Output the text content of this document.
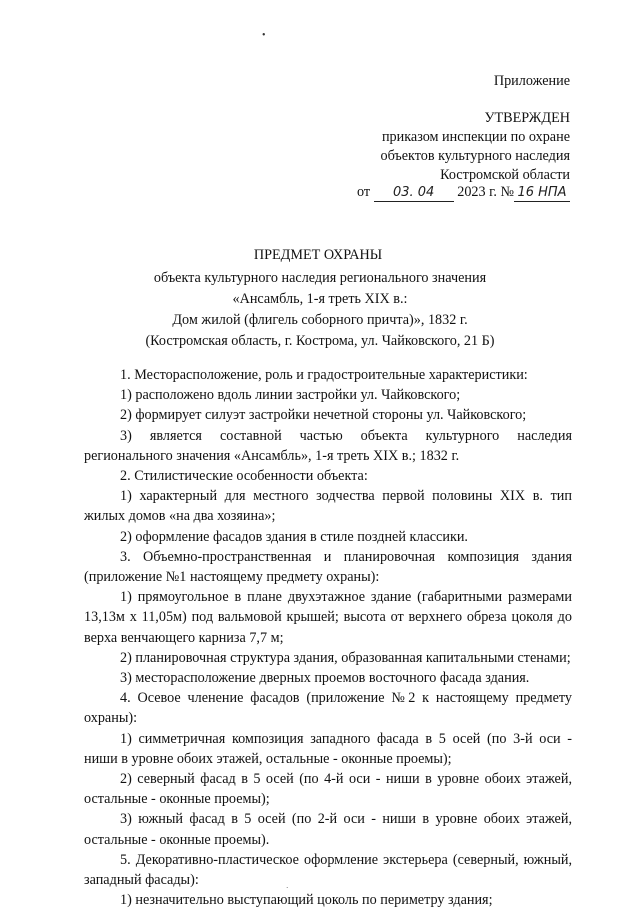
•
Приложение
УТВЕРЖДЕН
приказом инспекции по охране
объектов культурного наследия
Костромской области
от 03. 04 2023 г. № 16 НПА
ПРЕДМЕТ ОХРАНЫ
объекта культурного наследия регионального значения
«Ансамбль, 1-я треть XIX в.:
Дом жилой (флигель соборного причта)», 1832 г.
(Костромская область, г. Кострома, ул. Чайковского, 21 Б)

1. Месторасположение, роль и градостроительные характеристики:

1) расположено вдоль линии застройки ул. Чайковского;

2) формирует силуэт застройки нечетной стороны ул. Чайковского;

3) является составной частью объекта культурного наследия регионального значения «Ансамбль», 1-я треть XIX в.; 1832 г.

2. Стилистические особенности объекта:

1) характерный для местного зодчества первой половины XIX в. тип жилых домов «на два хозяина»;

2) оформление фасадов здания в стиле поздней классики.

3. Объемно-пространственная и планировочная композиция здания (приложение №1 настоящему предмету охраны):

1) прямоугольное в плане двухэтажное здание (габаритными размерами 13,13м х 11,05м) под вальмовой крышей; высота от верхнего обреза цоколя до верха венчающего карниза 7,7 м;

2) планировочная структура здания, образованная капитальными стенами;

3) месторасположение дверных проемов восточного фасада здания.

4. Осевое членение фасадов (приложение №2 к настоящему предмету охраны):

1) симметричная композиция западного фасада в 5 осей (по 3-й оси - ниши в уровне обоих этажей, остальные - оконные проемы);

2) северный фасад в 5 осей (по 4-й оси - ниши в уровне обоих этажей, остальные - оконные проемы);

3) южный фасад в 5 осей (по 2-й оси - ниши в уровне обоих этажей, остальные - оконные проемы).

5. Декоративно-пластическое оформление экстерьера (северный, южный, западный фасады):

1) незначительно выступающий цоколь по периметру здания;

·
